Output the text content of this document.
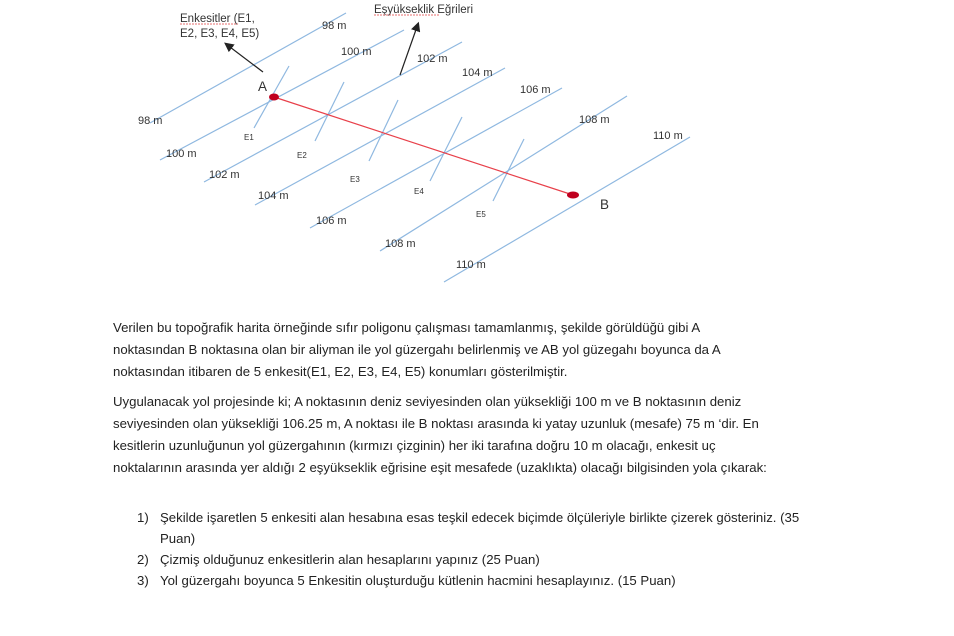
Enkesitler (E1,
E2, E3, E4, E5)
Eşyükseklik Eğrileri
A
B
E1
E2
E3
E4
E5
98 m
100 m
102 m
104 m
106 m
108 m
110 m
98 m
100 m
102 m
104 m
106 m
108 m
110 m

Verilen bu topoğrafik harita örneğinde sıfır poligonu çalışması tamamlanmış, şekilde görüldüğü gibi A noktasından B noktasına olan bir aliyman ile yol güzergahı belirlenmiş ve AB yol güzegahı boyunca da A noktasından itibaren de 5 enkesit(E1, E2, E3, E4, E5) konumları gösterilmiştir.

Uygulanacak yol projesinde ki; A noktasının deniz seviyesinden olan yüksekliği 100 m ve B noktasının deniz seviyesinden olan yüksekliği 106.25 m, A noktası ile B noktası arasında ki yatay uzunluk (mesafe) 75 m ‘dir. En kesitlerin uzunluğunun yol güzergahının (kırmızı çizginin) her iki tarafına doğru 10 m olacağı, enkesit uç noktalarının arasında yer aldığı 2 eşyükseklik eğrisine eşit mesafede (uzaklıkta) olacağı bilgisinden yola çıkarak:

1) Şekilde işaretlen 5 enkesiti alan hesabına esas teşkil edecek biçimde ölçüleriyle birlikte çizerek gösteriniz. (35 Puan)
2) Çizmiş olduğunuz enkesitlerin alan hesaplarını yapınız (25 Puan)
3) Yol güzergahı boyunca 5 Enkesitin oluşturduğu kütlenin hacmini hesaplayınız. (15 Puan)
